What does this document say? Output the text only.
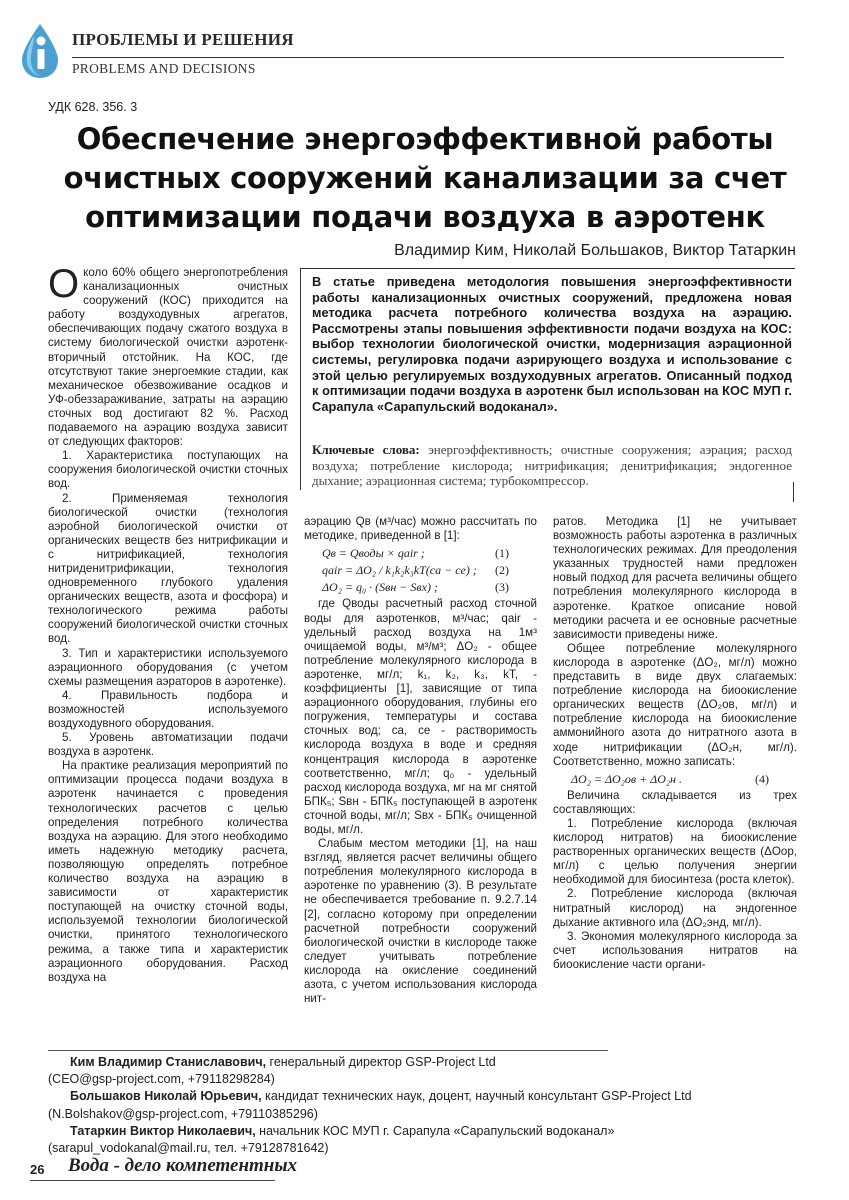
ПРОБЛЕМЫ И РЕШЕНИЯ
PROBLEMS AND DECISIONS
УДК 628. 356. 3
Обеспечение энергоэффективной работы очистных сооружений канализации за счет оптимизации подачи воздуха в аэротенк
Владимир Ким, Николай Большаков, Виктор Татаркин

Около 60% общего энергопотребления канализационных очистных сооружений (КОС) приходится на работу воздуходувных агрегатов, обеспечивающих подачу сжатого воздуха в систему биологической очистки аэротенк-вторичный отстойник. На КОС, где отсутствуют такие энергоемкие стадии, как механическое обезвоживание осадков и УФ-обеззараживание, затраты на аэрацию сточных вод достигают 82 %. Расход подаваемого на аэрацию воздуха зависит от следующих факторов:

1. Характеристика поступающих на сооружения биологической очистки сточных вод.

2. Применяемая технология биологической очистки (технология аэробной биологической очистки от органических веществ без нитрификации и с нитрификацией, технология нитриденитрификации, технология одновременного глубокого удаления органических веществ, азота и фосфора) и технологического режима работы сооружений биологической очистки сточных вод.

3. Тип и характеристики используемого аэрационного оборудования (с учетом схемы размещения аэраторов в аэротенке).

4. Правильность подбора и возможностей используемого воздуходувного оборудования.

5. Уровень автоматизации подачи воздуха в аэротенк.

На практике реализация мероприятий по оптимизации процесса подачи воздуха в аэротенк начинается с проведения технологических расчетов с целью определения потребного количества воздуха на аэрацию. Для этого необходимо иметь надежную методику расчета, позволяющую определять потребное количество воздуха на аэрацию в зависимости от характеристик поступающей на очистку сточной воды, используемой технологии биологической очистки, принятого технологического режима, а также типа и характеристик аэрационного оборудования. Расход воздуха на

В статье приведена методология повышения энергоэффективности работы канализационных очистных сооружений, предложена новая методика расчета потребного количества воздуха на аэрацию. Рассмотрены этапы повышения эффективности подачи воздуха на КОС: выбор технологии биологической очистки, модернизация аэрационной системы, регулировка подачи аэрирующего воздуха и использование с этой целью регулируемых воздуходувных агрегатов. Описанный подход к оптимизации подачи воздуха в аэротенк был использован на КОС МУП г. Сарапула «Сарапульский водоканал».
Ключевые слова: энергоэффективность; очистные сооружения; аэрация; расход воздуха; потребление кислорода; нитрификация; денитрификация; эндогенное дыхание; аэрационная система; турбокомпрессор.

аэрацию Qв (м³/час) можно рассчитать по методике, приведенной в [1]:

Qв = Qводы × qair ;	(1)
qair = ΔO₂ / k₁k₂k₃kТ(cа − cе) ; (2)
ΔO₂ = q₀ · (Sвн − Sвх) ;	(3)

где Qводы расчетный расход сточной воды для аэротенков, м³/час; qair - удельный расход воздуха на 1м³ очищаемой воды, м³/м³; ΔO₂ - общее потребление молекулярного кислорода в аэротенке, мг/л; k₁, k₂, k₃, kТ, - коэффициенты [1], зависящие от типа аэрационного оборудования, глубины его погружения, температуры и состава сточных вод; cа, cе - растворимость кислорода воздуха в воде и средняя концентрация кислорода в аэротенке соответственно, мг/л; q₀ - удельный расход кислорода воздуха, мг на мг снятой БПК₅; Sвн - БПК₅ поступающей в аэротенк сточной воды, мг/л; Sвх - БПК₅ очищенной воды, мг/л.

Слабым местом методики [1], на наш взгляд, является расчет величины общего потребления молекулярного кислорода в аэротенке по уравнению (3). В результате не обеспечивается требование п. 9.2.7.14 [2], согласно которому при определении расчетной потребности сооружений биологической очистки в кислороде также следует учитывать потребление кислорода на окисление соединений азота, с учетом использования кислорода нит-

ратов. Методика [1] не учитывает возможность работы аэротенка в различных технологических режимах. Для преодоления указанных трудностей нами предложен новый подход для расчета величины общего потребления молекулярного кислорода в аэротенке. Краткое описание новой методики расчета и ее основные расчетные зависимости приведены ниже.

Общее потребление молекулярного кислорода в аэротенке (ΔO₂, мг/л) можно представить в виде двух слагаемых: потребление кислорода на биоокисление органических веществ (ΔO₂ов, мг/л) и потребление кислорода на биоокисление аммонийного азота до нитратного азота в ходе нитрификации (ΔO₂н, мг/л). Соответственно, можно записать:

ΔO₂ = ΔO₂ов + ΔO₂н .	(4)

Величина складывается из трех составляющих:

1. Потребление кислорода (включая кислород нитратов) на биоокисление растворенных органических веществ (ΔOор, мг/л) с целью получения энергии необходимой для биосинтеза (роста клеток).

2. Потребление кислорода (включая нитратный кислород) на эндогенное дыхание активного ила (ΔO₂энд, мг/л).

3. Экономия молекулярного кислорода за счет использования нитратов на биоокисление части органи-

Ким Владимир Станиславович, генеральный директор GSP-Project Ltd

(CEO@gsp-project.com, +79118298284)

Большаков Николай Юрьевич, кандидат технических наук, доцент, научный консультант GSP-Project Ltd

(N.Bolshakov@gsp-project.com, +79110385296)

Татаркин Виктор Николаевич, начальник КОС МУП г. Сарапула «Сарапульский водоканал»

(sarapul_vodokanal@mail.ru, тел. +79128781642)

26 Вода - дело компетентных
